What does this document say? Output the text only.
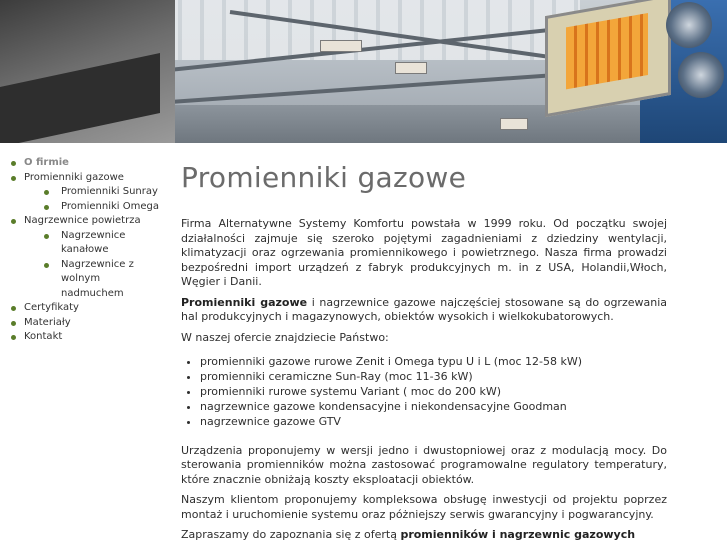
O firmie
Promienniki gazowe
Promienniki Sunray
Promienniki Omega
Nagrzewnice powietrza
Nagrzewnice kanałowe
Nagrzewnice z wolnym nadmuchem
Certyfikaty
Materiały
Kontakt
Promienniki gazowe

Firma Alternatywne Systemy Komfortu powstała w 1999 roku. Od początku swojej działalności zajmuje się szeroko pojętymi zagadnieniami z dziedziny wentylacji, klimatyzacji oraz ogrzewania promiennikowego i powietrznego. Nasza firma prowadzi bezpośredni import urządzeń z fabryk produkcyjnych m. in z USA, Holandii,Włoch, Węgier i Danii.

Promienniki gazowe i nagrzewnice gazowe najczęściej stosowane są do ogrzewania hal produkcyjnych i magazynowych, obiektów wysokich i wielkokubatorowych.

W naszej ofercie znajdziecie Państwo:

• promienniki gazowe rurowe Zenit i Omega typu U i L (moc 12-58 kW)
• promienniki ceramiczne Sun-Ray (moc 11-36 kW)
• promienniki rurowe systemu Variant ( moc do 200 kW)
• nagrzewnice gazowe kondensacyjne i niekondensacyjne Goodman
• nagrzewnice gazowe GTV

Urządzenia proponujemy w wersji jedno i dwustopniowej oraz z modulacją mocy. Do sterowania promienników można zastosować programowalne regulatory temperatury, które znacznie obniżają koszty eksploatacji obiektów.

Naszym klientom proponujemy kompleksowa obsługę inwestycji od projektu poprzez montaż i uruchomienie systemu oraz póżniejszy serwis gwarancyjny i pogwarancyjny.

Zapraszamy do zapoznania się z ofertą promienników i nagrzewnic gazowych
